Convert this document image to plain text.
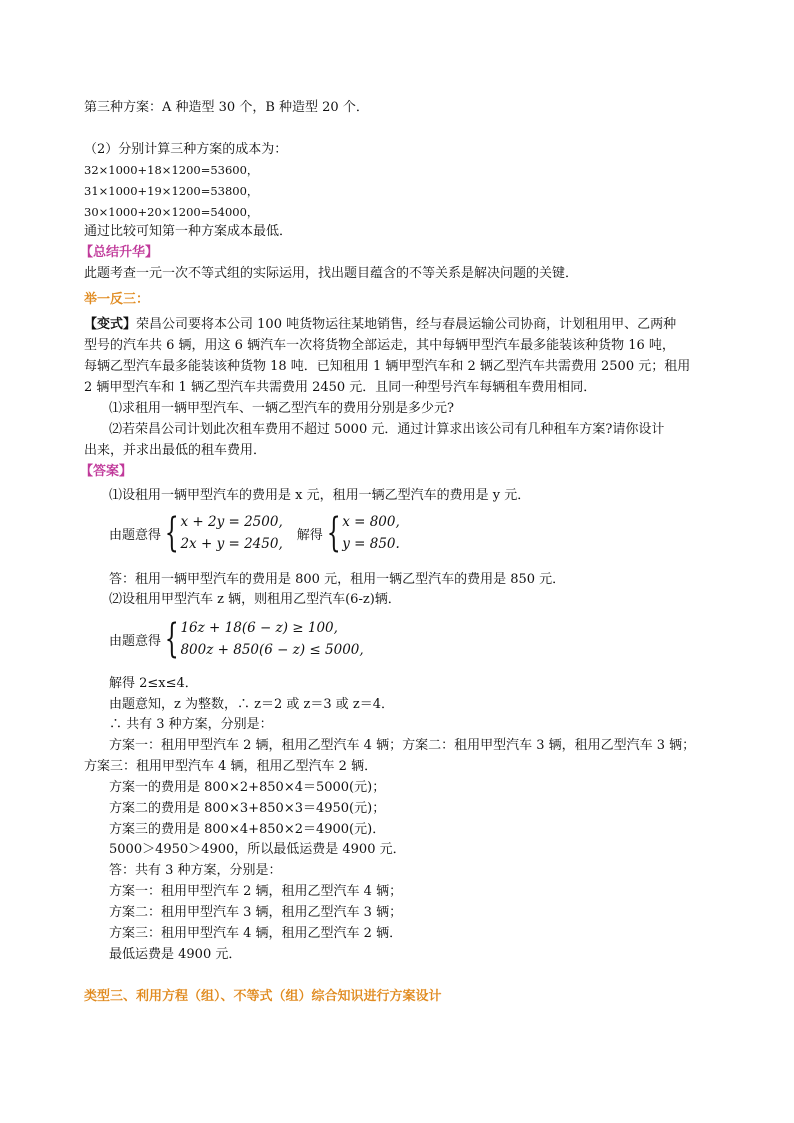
第三种方案：A 种造型 30 个，B 种造型 20 个．
（2）分别计算三种方案的成本为：
32×1000+18×1200=53600，
31×1000+19×1200=53800，
30×1000+20×1200=54000，
通过比较可知第一种方案成本最低．
【总结升华】
此题考查一元一次不等式组的实际运用，找出题目蕴含的不等关系是解决问题的关键．
举一反三：
【变式】荣昌公司要将本公司 100 吨货物运往某地销售，经与春晨运输公司协商，计划租用甲、乙两种
型号的汽车共 6 辆，用这 6 辆汽车一次将货物全部运走，其中每辆甲型汽车最多能装该种货物 16 吨，
每辆乙型汽车最多能装该种货物 18 吨．已知租用 1 辆甲型汽车和 2 辆乙型汽车共需费用 2500 元；租用
2 辆甲型汽车和 1 辆乙型汽车共需费用 2450 元．且同一种型号汽车每辆租车费用相同．
⑴求租用一辆甲型汽车、一辆乙型汽车的费用分别是多少元?
⑵若荣昌公司计划此次租车费用不超过 5000 元．通过计算求出该公司有几种租车方案?请你设计
出来，并求出最低的租车费用．
【答案】
⑴设租用一辆甲型汽车的费用是 x 元，租用一辆乙型汽车的费用是 y 元．
由题意得 { x + 2y = 2500,
2x + y = 2450,
解得 { x = 800,
y = 850.
答：租用一辆甲型汽车的费用是 800 元，租用一辆乙型汽车的费用是 850 元．
⑵设租用甲型汽车 z 辆，则租用乙型汽车(6-z)辆．
由题意得 { 16z + 18(6 − z) ≥ 100,
800z + 850(6 − z) ≤ 5000,
解得 2≤x≤4．
由题意知，z 为整数，∴ z＝2 或 z＝3 或 z＝4．
∴ 共有 3 种方案，分别是：
方案一：租用甲型汽车 2 辆，租用乙型汽车 4 辆；方案二：租用甲型汽车 3 辆，租用乙型汽车 3 辆；
方案三：租用甲型汽车 4 辆，租用乙型汽车 2 辆．
方案一的费用是 800×2+850×4＝5000(元)；
方案二的费用是 800×3+850×3＝4950(元)；
方案三的费用是 800×4+850×2＝4900(元)．
5000＞4950＞4900，所以最低运费是 4900 元．
答：共有 3 种方案，分别是：
方案一：租用甲型汽车 2 辆，租用乙型汽车 4 辆；
方案二：租用甲型汽车 3 辆，租用乙型汽车 3 辆；
方案三：租用甲型汽车 4 辆，租用乙型汽车 2 辆．
最低运费是 4900 元．
类型三、利用方程（组）、不等式（组）综合知识进行方案设计
